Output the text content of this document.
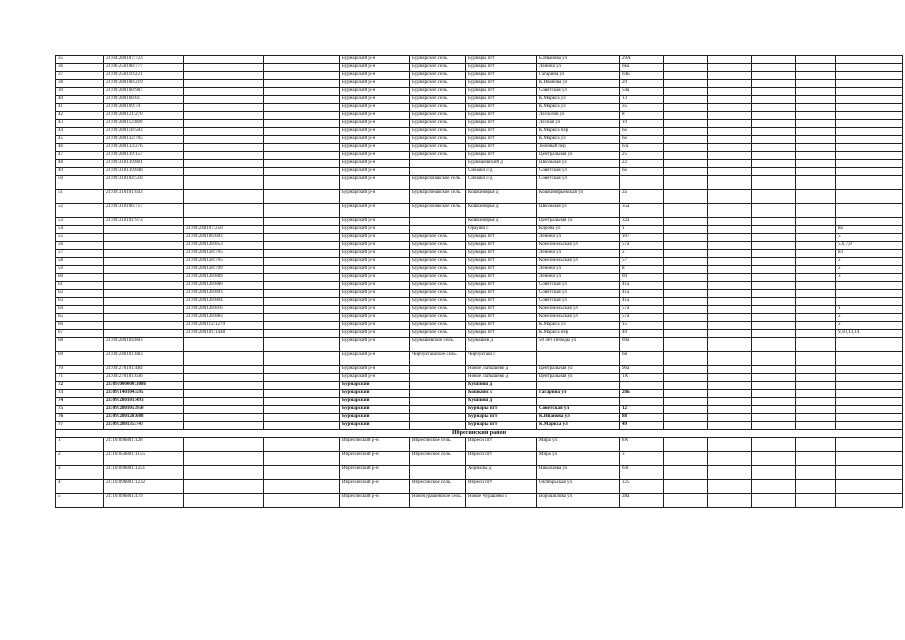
35	21:04:280107:723			Бурнарский р-н	Бурнарское сель.	Бурнары пгт	Б.Иванова ул	29А					
36	21:06:250108:777			Бурнарский р-н	Бурнарское сель.	Бурнары пгт	Ленина ул	6ка					
37	21:09:250110:221			Бурнарский р-н	Бурнарское сель.	Бурнары пгт	Гагарина ул	64Б					
38	21:09:280108:219			Бурнарский р-н	Бурнарское сель.	Бурнары пгт	К.Иванова ул	29					
39	21:09:280108:987			Бурнарский р-н	Бурнарское сель.	Бурнары пгт	Советская ул	54а					
40	21:09:280108:61			Бурнарский р-н	Бурнарское сель.	Бурнары пгт	К.Маркса ул	13					
41	21:09:280109:74			Бурнарский р-н	Бурнарское сель.	Бурнары пгт	К.Маркса ул	35					
42	21:09:280121:270			Бурнарский р-н	Бурнарское сель.	Бурнары пгт	Лесхозов ул	8					
43	21:09:280112:809			Бурнарский р-н	Бурнарское сель.	Бурнары пгт	Лесная ул	19					
44	21:09:280118:583			Бурнарский р-н	Бурнарское сель.	Бурнары пгт	К.Маркса пер	6а					
45	21:09:280132:705			Бурнарский р-н	Бурнарское сель.	Бурнары пгт	К.Маркса ул	6а					
46	21:09:280133:276			Бурнарский р-н	Бурнарское сель.	Бурнары пгт	Зеленый пер	6/а					
47	21:09:280139:157			Бурнарский р-н	Бурнарское сель.	Бурнары пгт	Центральная ул	25					
48	21:09:310139:801			Бурнарский р-н		Бурнашевский д	Школьная ул	22					
49	21:09:310139:848			Бурнарский р-н		Сюнаки с/д	Советская ул	6а					
50	21:09:310104:510			Бурнарский р-н	Бурнарсюнакское сель.	Сюнаки с/д	Советская ул						
51	21:09:310101:643			Бурнарский р-н	Бурнарсюнакское сель.	Кошкинярья д	Кошкинярьевская ул	2а					
52	21:09:310106:757			Бурнарский р-н	Бурнарсюнакское сель.	Кошкинярья д	Школьная ул	35а					
53	21:09:310101:973			Бурнарский р-н		Кошкинярья д	Центральная ул	32а					
54		21:09:240107:250		Бурнарский р-н		Орауши с	Кирова ул	1					8а
55		21:09:280106:603		Бурнарский р-н	Бурнарское сель.	Бурнары пгт	Ленина ул	107					5
56		21:09:280128:853		Бурнарский р-н	Бурнарское сель.	Бурнары пгт	Комсомольская ул	57а					5,6,7,8
57		21:09:280128:795		Бурнарский р-н	Бурнарское сель.	Бурнары пгт	Ленина ул	2					83
58		21:09:280128:795		Бурнарский р-н	Бурнарское сель.	Бурнары пгт	Комсомольская ул	57					2
59		21:09:280128:799		Бурнарский р-н	Бурнарское сель.	Бурнары пгт	Ленина ул	8					2
60		21:09:280128:889		Бурнарский р-н	Бурнарское сель.	Бурнары пгт	Ленина ул	69					3
61		21:09:280128:880		Бурнарский р-н	Бурнарское сель.	Бурнары пгт	Советская ул	41а					
62		21:09:280128:893		Бурнарский р-н	Бурнарское сель.	Бурнары пгт	Советская ул	41а					
63		21:09:280128:804		Бурнарский р-н	Бурнарское сель.	Бурнары пгт	Советская ул	41а					
64		21:09:280128:816		Бурнарский р-н	Бурнарское сель.	Бурнары пгт	Комсомольская ул	57а					1
65		21:09:280128:883		Бурнарский р-н	Бурнарское сель.	Бурнары пгт	Комсомольская ул	57а					2
66		21:09:280112:1279		Бурнарский р-н	Бурнарское сель.	Бурнары пгт	К.Маркса ул	15					2
67		21:09:280101:1448		Бурнарский р-н	Бурнарское сель.	Бурнары пгт	К.Маркса пер	49					9,10,13,14
68	21:09:280104:803			Бурнарский р-н	Бурнашевское сель.	Бурнашев д	50 лет Победы ул	69а					
69	21:09:240101:883			Бурнарский р-н	Чирчукташское сель.	Чирчукташ с		6н					
70	21:09:270101:484			Бурнарский р-н		Новое Латышево д	Центральная ул	96а					
71	21:09:270101:636			Бурнарский р-н		Новое Латышево д	Центральная ул	1А					
72	21:09:000000:3086			Бурнарский		Кушпиш д							
73	21:09:140104:595			Бурнарский		Кошкинс с	Гагарина ул	28в					
74	21:09:280101:493			Бурнарский		Кушпиш д							
75	21:09:280105:950			Бурнарский		Бурнары пгт	Советская ул	12					
76	21:09:280128:688			Бурнарский		Бурнары пгт	К.Иванова ул	88					
77	21:09:280135:747			Бурнарский		Бурнары пгт	К.Маркса ул	49					
Ибресинский район													
1	21:10:090801:128			Ибресинский р-н	Ибресинское сель.	Ибреси пгт	Мира ул	8А					
2	21:10:050801:1155			Ибресинский р-н	Ибресинское сель.	Ибреси пгт	Мира ул	3					
3	21:10:090801:1251			Ибресинский р-н		Хормалы д	Николаева ул	6/н					
4	21:10:090801:1232			Ибресинский р-н	Ибресинское сель.	Ибреси пгт	Октябрьская ул	125					
5	21:10:090801:479			Ибресинский р-н	Новочурашевское сель.	Новое Чурашево с	Ворошилова ул	28а					
